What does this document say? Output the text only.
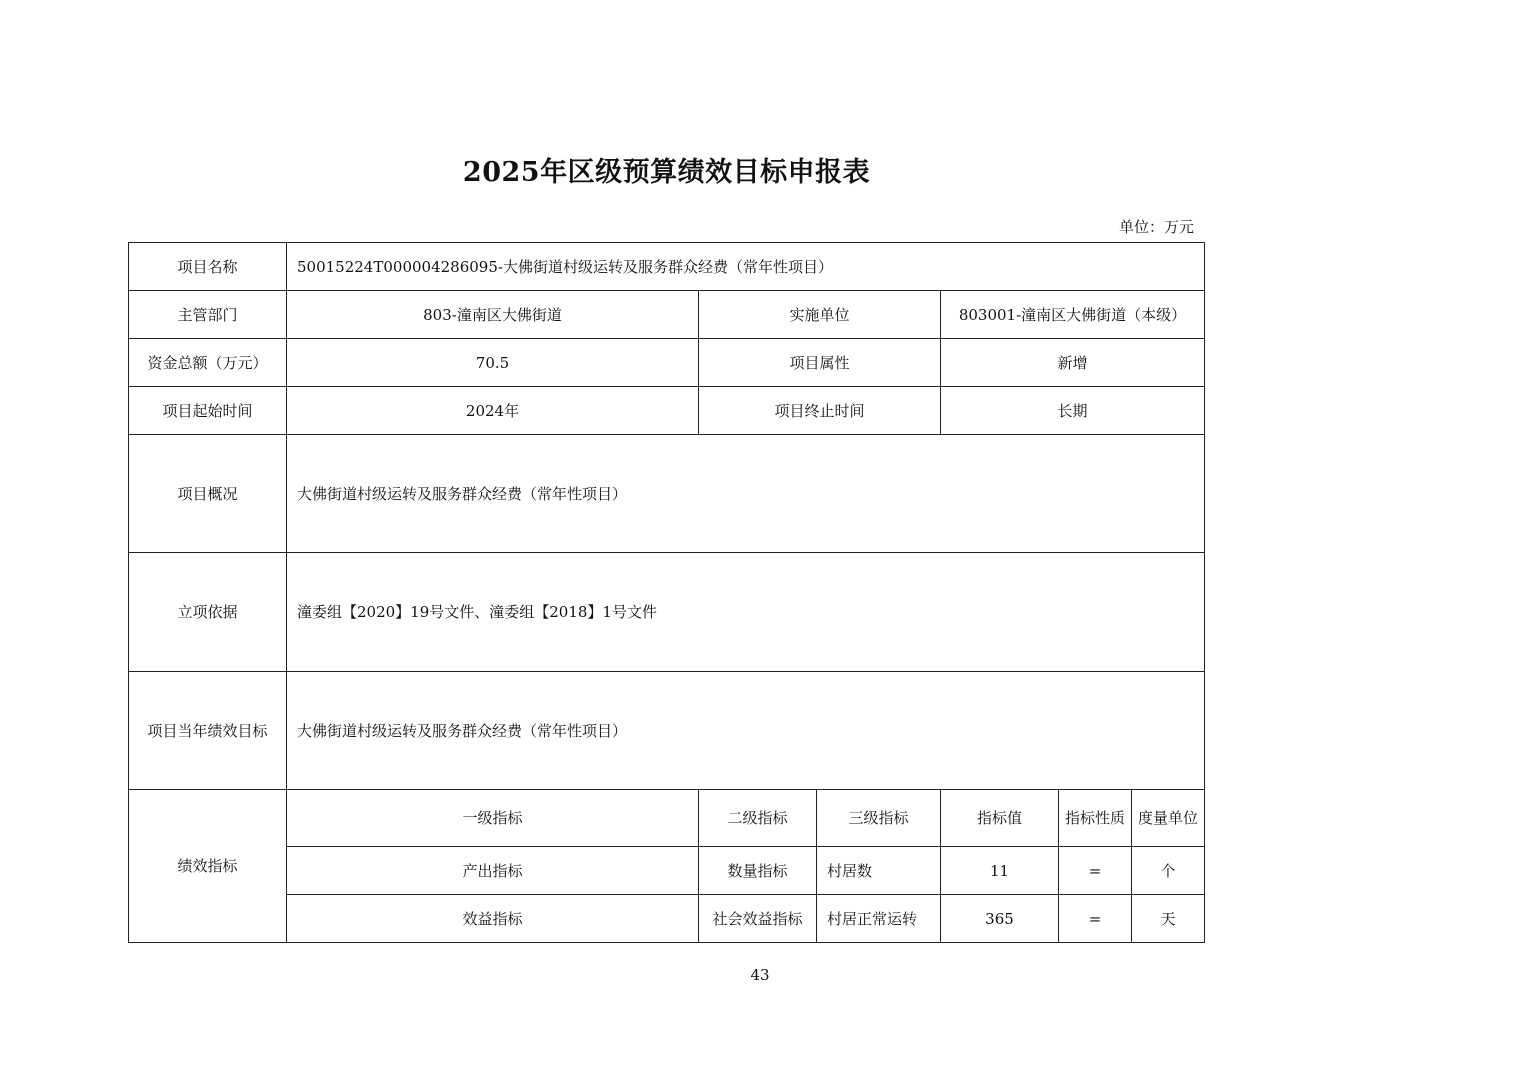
2025年区级预算绩效目标申报表
单位：万元
项目名称	50015224T000004286095-大佛街道村级运转及服务群众经费（常年性项目）						
主管部门	803-潼南区大佛街道	实施单位		803001-潼南区大佛街道（本级）			
资金总额（万元）	70.5	项目属性		新增			
项目起始时间	2024年	项目终止时间		长期			
项目概况	大佛街道村级运转及服务群众经费（常年性项目）						
立项依据	潼委组【2020】19号文件、潼委组【2018】1号文件						
项目当年绩效目标	大佛街道村级运转及服务群众经费（常年性项目）						
绩效指标	一级指标	二级指标	三级指标	指标值	指标性质	度量单位	
	产出指标	数量指标	村居数	11	=	个	
	效益指标	社会效益指标	村居正常运转	365	=	天	
43
